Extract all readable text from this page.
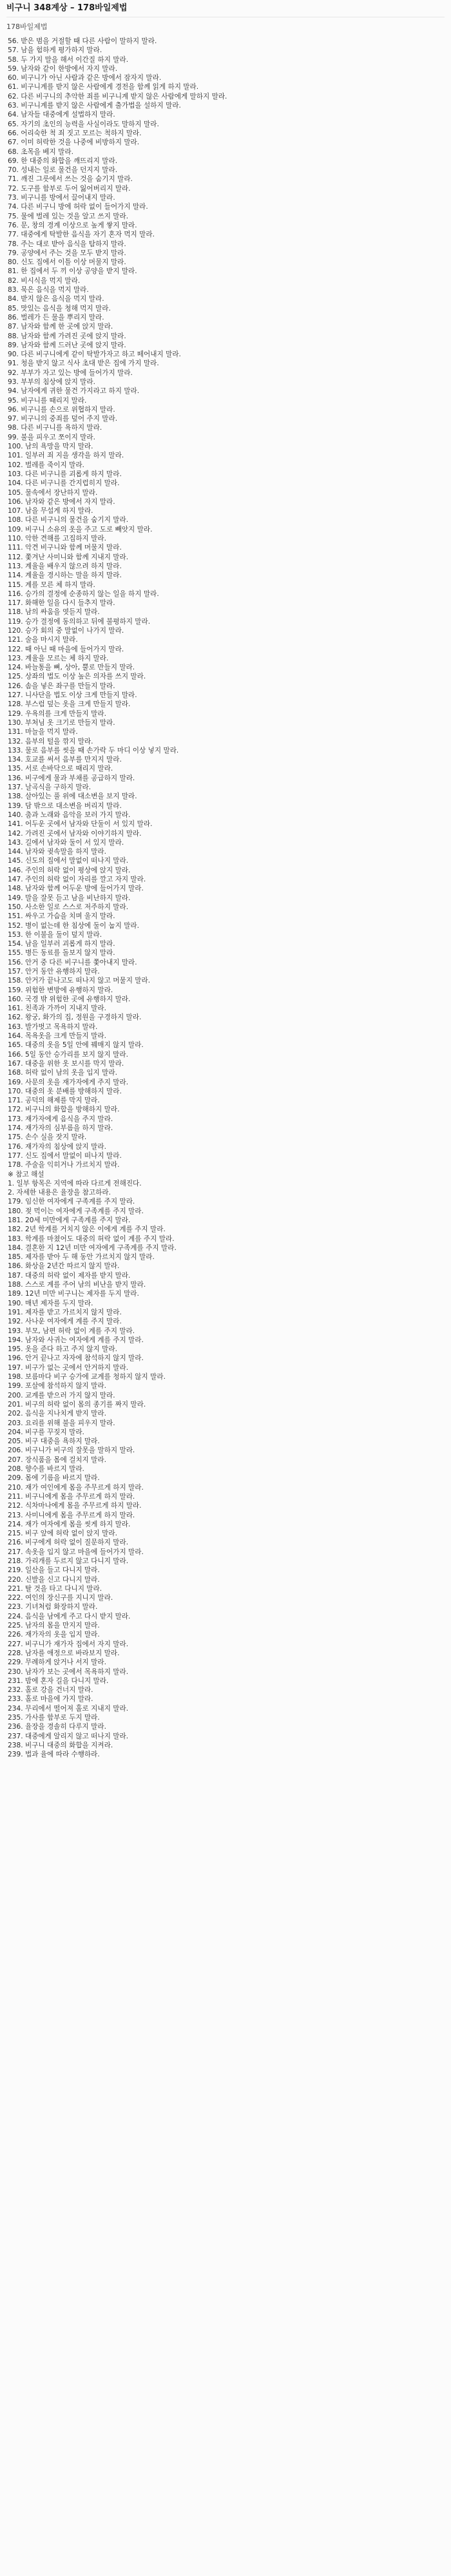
비구니 348계상 – 178바일제법
178바일제법
56. 받은 범을 거절할 때 다른 사람이 말하지 말라.
57. 남을 험하게 평가하지 말라.
58. 두 가지 말을 해서 이간질 하지 말라.
59. 남자와 같이 한방에서 자지 말라.
60. 비구니가 아닌 사람과 같은 방에서 잠자지 말라.
61. 비구니계를 받지 않은 사람에게 경전을 함께 읽게 하지 말라.
62. 다른 비구니의 추악한 죄를 비구니계 받지 않은 사람에게 말하지 말라.
63. 비구니계를 받지 않은 사람에게 출가법을 설하지 말라.
64. 남자들 대중에게 설법하지 말라.
65. 자기의 초인의 능력을 사실이라도 말하지 말라.
66. 어리숙한 척 죄 짓고 모르는 척하지 말라.
67. 이미 허락한 것을 나중에 비방하지 말라.
68. 초목을 베지 말라.
69. 한 대중의 화합을 깨뜨리지 말라.
70. 성내는 일로 물건을 던지지 말라.
71. 깨진 그릇에서 쓰는 것을 숨기지 말라.
72. 도구를 함부로 두어 잃어버리지 말라.
73. 비구니를 방에서 끌어내지 말라.
74. 다른 비구니 방에 허락 없이 들어가지 말라.
75. 물에 벌레 있는 것을 알고 쓰지 말라.
76. 문, 창의 경계 이상으로 높게 쌓지 말라.
77. 대중에게 탁발한 음식을 자기 혼자 먹지 말라.
78. 주는 대로 받아 음식을 탐하지 말라.
79. 공양에서 주는 것을 모두 받지 말라.
80. 신도 집에서 이틀 이상 머물지 말라.
81. 한 집에서 두 끼 이상 공양을 받지 말라.
82. 비시식을 먹지 말라.
83. 묵은 음식을 먹지 말라.
84. 받지 않은 음식을 먹지 말라.
85. 맛있는 음식을 청해 먹지 말라.
86. 벌레가 든 물을 뿌리지 말라.
87. 남자와 함께 한 곳에 앉지 말라.
88. 남자와 함께 가려진 곳에 앉지 말라.
89. 남자와 함께 드러난 곳에 앉지 말라.
90. 다른 비구니에게 같이 탁발가자고 하고 떼어내지 말라.
91. 청을 받지 않고 식사 초대 받은 집에 가지 말라.
92. 부부가 자고 있는 방에 들어가지 말라.
93. 부부의 침상에 앉지 말라.
94. 남자에게 귀한 물건 가지라고 하지 말라.
95. 비구니를 때리지 말라.
96. 비구니를 손으로 위협하지 말라.
97. 비구니의 중죄를 덮어 주지 말라.
98. 다른 비구니를 욕하지 말라.
99. 불을 피우고 쪼이지 말라.
100. 남의 욕망을 막지 말라.
101. 일부러 죄 지을 생각을 하지 말라.
102. 벌레를 죽이지 말라.
103. 다른 비구니를 괴롭게 하지 말라.
104. 다른 비구니를 간지럽히지 말라.
105. 물속에서 장난하지 말라.
106. 남자와 같은 방에서 자지 말라.
107. 남을 무섭게 하지 말라.
108. 다른 비구니의 물건을 숨기지 말라.
109. 비구니 소유의 옷을 주고 도로 빼앗지 말라.
110. 악한 견해를 고집하지 말라.
111. 악견 비구니와 함께 머물지 말라.
112. 쫓겨난 사미니와 함께 지내지 말라.
113. 계율을 배우지 않으려 하지 말라.
114. 계율을 경시하는 말을 하지 말라.
115. 계를 모른 체 하지 말라.
116. 승가의 결정에 순종하지 않는 일을 하지 말라.
117. 화해한 일을 다시 들추지 말라.
118. 남의 싸움을 엿듣지 말라.
119. 승가 결정에 동의하고 뒤에 불평하지 말라.
120. 승가 회의 중 말없이 나가지 말라.
121. 술을 마시지 말라.
122. 때 아닌 때 마을에 들어가지 말라.
123. 계율을 모르는 체 하지 말라.
124. 바늘통을 뼈, 상아, 뿔로 만들지 말라.
125. 상좌의 법도 이상 높은 의자를 쓰지 말라.
126. 솜을 넣은 좌구를 만들지 말라.
127. 니사단을 법도 이상 크게 만들지 말라.
128. 부스럼 덮는 옷을 크게 만들지 말라.
129. 우욕의를 크게 만들지 말라.
130. 부처님 옷 크기로 만들지 말라.
131. 마늘을 먹지 말라.
132. 음부의 털을 깎지 말라.
133. 물로 음부를 씻을 때 손가락 두 마디 이상 넣지 말라.
134. 호교를 써서 음부를 만지지 말라.
135. 서로 손바닥으로 때리지 말라.
136. 비구에게 물과 부채를 공급하지 말라.
137. 날곡식을 구하지 말라.
138. 살아있는 풀 위에 대소변을 보지 말라.
139. 담 밖으로 대소변을 버리지 말라.
140. 춤과 노래와 음악을 보러 가지 말라.
141. 어두운 곳에서 남자와 단둘이 서 있지 말라.
142. 가려진 곳에서 남자와 이야기하지 말라.
143. 길에서 남자와 둘이 서 있지 말라.
144. 남자와 귓속말을 하지 말라.
145. 신도의 집에서 말없이 떠나지 말라.
146. 주인의 허락 없이 평상에 앉지 말라.
147. 주인의 허락 없이 자리를 깔고 자지 말라.
148. 남자와 함께 어두운 방에 들어가지 말라.
149. 말을 잘못 듣고 남을 비난하지 말라.
150. 사소한 일로 스스로 저주하지 말라.
151. 싸우고 가슴을 치며 울지 말라.
152. 병이 없는데 한 침상에 둘이 눕지 말라.
153. 한 이불을 둘이 덮지 말라.
154. 남을 일부러 괴롭게 하지 말라.
155. 병든 동료를 돌보지 않지 말라.
156. 안거 중 다른 비구니를 쫓아내지 말라.
157. 안거 동안 유행하지 말라.
158. 안거가 끝나고도 떠나지 않고 머물지 말라.
159. 위험한 변방에 유행하지 말라.
160. 국경 밖 위험한 곳에 유행하지 말라.
161. 친족과 가까이 지내지 말라.
162. 왕궁, 화가의 집, 정원을 구경하지 말라.
163. 발가벗고 목욕하지 말라.
164. 목욕옷을 크게 만들지 말라.
165. 대중의 옷을 5일 안에 꿰매지 않지 말라.
166. 5일 동안 승가리를 보지 않지 말라.
167. 대중을 위한 옷 보시를 막지 말라.
168. 허락 없이 남의 옷을 입지 말라.
169. 사문의 옷을 재가자에게 주지 말라.
170. 대중의 옷 분배를 방해하지 말라.
171. 공덕의 해제를 막지 말라.
172. 비구니의 화합을 방해하지 말라.
173. 재가자에게 음식을 주지 말라.
174. 재가자의 심부름을 하지 말라.
175. 손수 실을 잣지 말라.
176. 재가자의 침상에 앉지 말라.
177. 신도 집에서 말없이 떠나지 말라.
178. 주술을 익히거나 가르치지 말라.
※ 참고 해설
1. 일부 항목은 지역에 따라 다르게 전해진다.
2. 자세한 내용은 율장을 참고하라.
179. 임신한 여자에게 구족계를 주지 말라.
180. 젖 먹이는 여자에게 구족계를 주지 말라.
181. 20세 미만에게 구족계를 주지 말라.
182. 2년 학계를 거치지 않은 이에게 계를 주지 말라.
183. 학계를 마쳤어도 대중의 허락 없이 계를 주지 말라.
184. 결혼한 지 12년 미만 여자에게 구족계를 주지 말라.
185. 제자를 받아 두 해 동안 가르치지 않지 말라.
186. 화상을 2년간 따르지 않지 말라.
187. 대중의 허락 없이 제자를 받지 말라.
188. 스스로 계를 주어 남의 비난을 받지 말라.
189. 12년 미만 비구니는 제자를 두지 말라.
190. 매년 제자를 두지 말라.
191. 제자를 받고 가르치지 않지 말라.
192. 사나운 여자에게 계를 주지 말라.
193. 부모, 남편 허락 없이 계를 주지 말라.
194. 남자와 사귀는 여자에게 계를 주지 말라.
195. 옷을 준다 하고 주지 않지 말라.
196. 안거 끝나고 자자에 참석하지 않지 말라.
197. 비구가 없는 곳에서 안거하지 말라.
198. 보름마다 비구 승가에 교계를 청하지 않지 말라.
199. 포살에 참석하지 않지 말라.
200. 교계를 받으러 가지 않지 말라.
201. 비구의 허락 없이 몸의 종기를 짜지 말라.
202. 음식을 지나치게 받지 말라.
203. 요리를 위해 불을 피우지 말라.
204. 비구를 꾸짖지 말라.
205. 비구 대중을 욕하지 말라.
206. 비구니가 비구의 잘못을 말하지 말라.
207. 장식품을 몸에 걸치지 말라.
208. 향수를 바르지 말라.
209. 몸에 기름을 바르지 말라.
210. 재가 여인에게 몸을 주무르게 하지 말라.
211. 비구니에게 몸을 주무르게 하지 말라.
212. 식차마나에게 몸을 주무르게 하지 말라.
213. 사미니에게 몸을 주무르게 하지 말라.
214. 재가 여자에게 몸을 씻게 하지 말라.
215. 비구 앞에 허락 없이 앉지 말라.
216. 비구에게 허락 없이 질문하지 말라.
217. 속옷을 입지 않고 마을에 들어가지 말라.
218. 가리개를 두르지 않고 다니지 말라.
219. 일산을 들고 다니지 말라.
220. 신발을 신고 다니지 말라.
221. 탈 것을 타고 다니지 말라.
222. 여인의 장신구를 지니지 말라.
223. 기녀처럼 화장하지 말라.
224. 음식을 남에게 주고 다시 받지 말라.
225. 남자의 몸을 만지지 말라.
226. 재가자의 옷을 입지 말라.
227. 비구니가 재가자 집에서 자지 말라.
228. 남자를 애정으로 바라보지 말라.
229. 무례하게 앉거나 서지 말라.
230. 남자가 보는 곳에서 목욕하지 말라.
231. 밤에 혼자 길을 다니지 말라.
232. 홀로 강을 건너지 말라.
233. 홀로 마을에 가지 말라.
234. 무리에서 떨어져 홀로 지내지 말라.
235. 가사를 함부로 두지 말라.
236. 율장을 경솔히 다루지 말라.
237. 대중에게 알리지 않고 떠나지 말라.
238. 비구니 대중의 화합을 지켜라.
239. 법과 율에 따라 수행하라.
